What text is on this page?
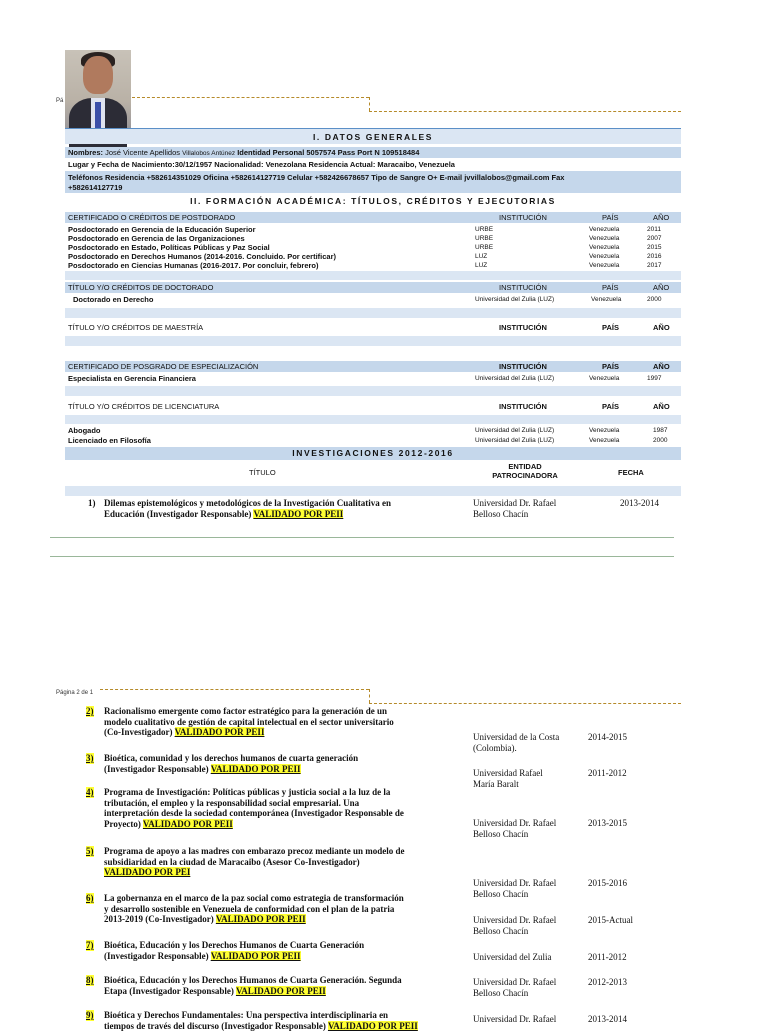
Pá
I. DATOS GENERALES
Nombres: José Vicente Apellidos Villalobos Antúnez Identidad Personal 5057574 Pass Port N 109518484
Lugar y Fecha de Nacimiento:30/12/1957 Nacionalidad: Venezolana Residencia Actual: Maracaibo, Venezuela
Teléfonos Residencia +582614351029 Oficina +582614127719 Celular +582426678657 Tipo de Sangre O+ E-mail jvvillalobos@gmail.com Fax
+582614127719
II. FORMACIÓN ACADÉMICA: TÍTULOS, CRÉDITOS Y EJECUTORIAS
CERTIFICADO O CRÉDITOS DE POSTDORADO	INSTITUCIÓN	PAÍS	AÑO
Posdoctorado en Gerencia de la Educación Superior	URBE	Venezuela	2011
Posdoctorado en Gerencia de las Organizaciones	URBE	Venezuela	2007
Posdoctorado en Estado, Políticas Públicas y Paz Social	URBE	Venezuela	2015
Posdoctorado en Derechos Humanos (2014-2016. Concluido. Por certificar)	LUZ	Venezuela	2016
Posdoctorado en Ciencias Humanas (2016-2017. Por concluir, febrero)	LUZ	Venezuela	2017
TÍTULO Y/O CRÉDITOS DE DOCTORADO	INSTITUCIÓN	PAÍS	AÑO
Doctorado en Derecho	Universidad del Zulia (LUZ)	Venezuela	2000
TÍTULO Y/O CRÉDITOS DE MAESTRÍA	INSTITUCIÓN	PAÍS	AÑO
CERTIFICADO DE POSGRADO DE ESPECIALIZACIÓN	INSTITUCIÓN	PAÍS	AÑO
Especialista en Gerencia Financiera	Universidad del Zulia (LUZ)	Venezuela	1997
TÍTULO Y/O CRÉDITOS DE LICENCIATURA	INSTITUCIÓN	PAÍS	AÑO
Abogado	Universidad del Zulia (LUZ)	Venezuela	1987
Licenciado en Filosofía	Universidad del Zulia (LUZ)	Venezuela	2000
INVESTIGACIONES 2012-2016
TÍTULO
ENTIDAD
PATROCINADORA	FECHA
1) Dilemas epistemológicos y metodológicos de la Investigación Cualitativa en
Educación (Investigador Responsable) VALIDADO POR PEII
Universidad Dr. Rafael
Belloso Chacín
2013-2014
Página 2 de 1
2) Racionalismo emergente como factor estratégico para la generación de un
modelo cualitativo de gestión de capital intelectual en el sector universitario
(Co-Investigador) VALIDADO POR PEII	Universidad de la Costa
(Colombia).
2014-2015
3) Bioética, comunidad y los derechos humanos de cuarta generación
(Investigador Responsable) VALIDADO POR PEII	Universidad Rafael
María Baralt
2011-2012
4) Programa de Investigación: Políticas públicas y justicia social a la luz de la
tributación, el empleo y la responsabilidad social empresarial. Una
interpretación desde la sociedad contemporánea (Investigador Responsable de
Proyecto) VALIDADO POR PEII	Universidad Dr. Rafael
Belloso Chacín
2013-2015
5) Programa de apoyo a las madres con embarazo precoz mediante un modelo de
subsidiaridad en la ciudad de Maracaibo (Asesor Co-Investigador)
VALIDADO POR PEI
Universidad Dr. Rafael
Belloso Chacín
2015-2016
6) La gobernanza en el marco de la paz social como estrategia de transformación
y desarrollo sostenible en Venezuela de conformidad con el plan de la patria
2013-2019 (Co-Investigador) VALIDADO POR PEII	Universidad Dr. Rafael
Belloso Chacín
2015-Actual
7) Bioética, Educación y los Derechos Humanos de Cuarta Generación
(Investigador Responsable) VALIDADO POR PEII	Universidad del Zulia	2011-2012
8) Bioética, Educación y los Derechos Humanos de Cuarta Generación. Segunda
Etapa (Investigador Responsable) VALIDADO POR PEII
Universidad Dr. Rafael
Belloso Chacín
2012-2013
9) Bioética y Derechos Fundamentales: Una perspectiva interdisciplinaria en
tiempos de través del discurso (Investigador Responsable) VALIDADO POR PEII
Universidad Dr. Rafael	2013-2014
